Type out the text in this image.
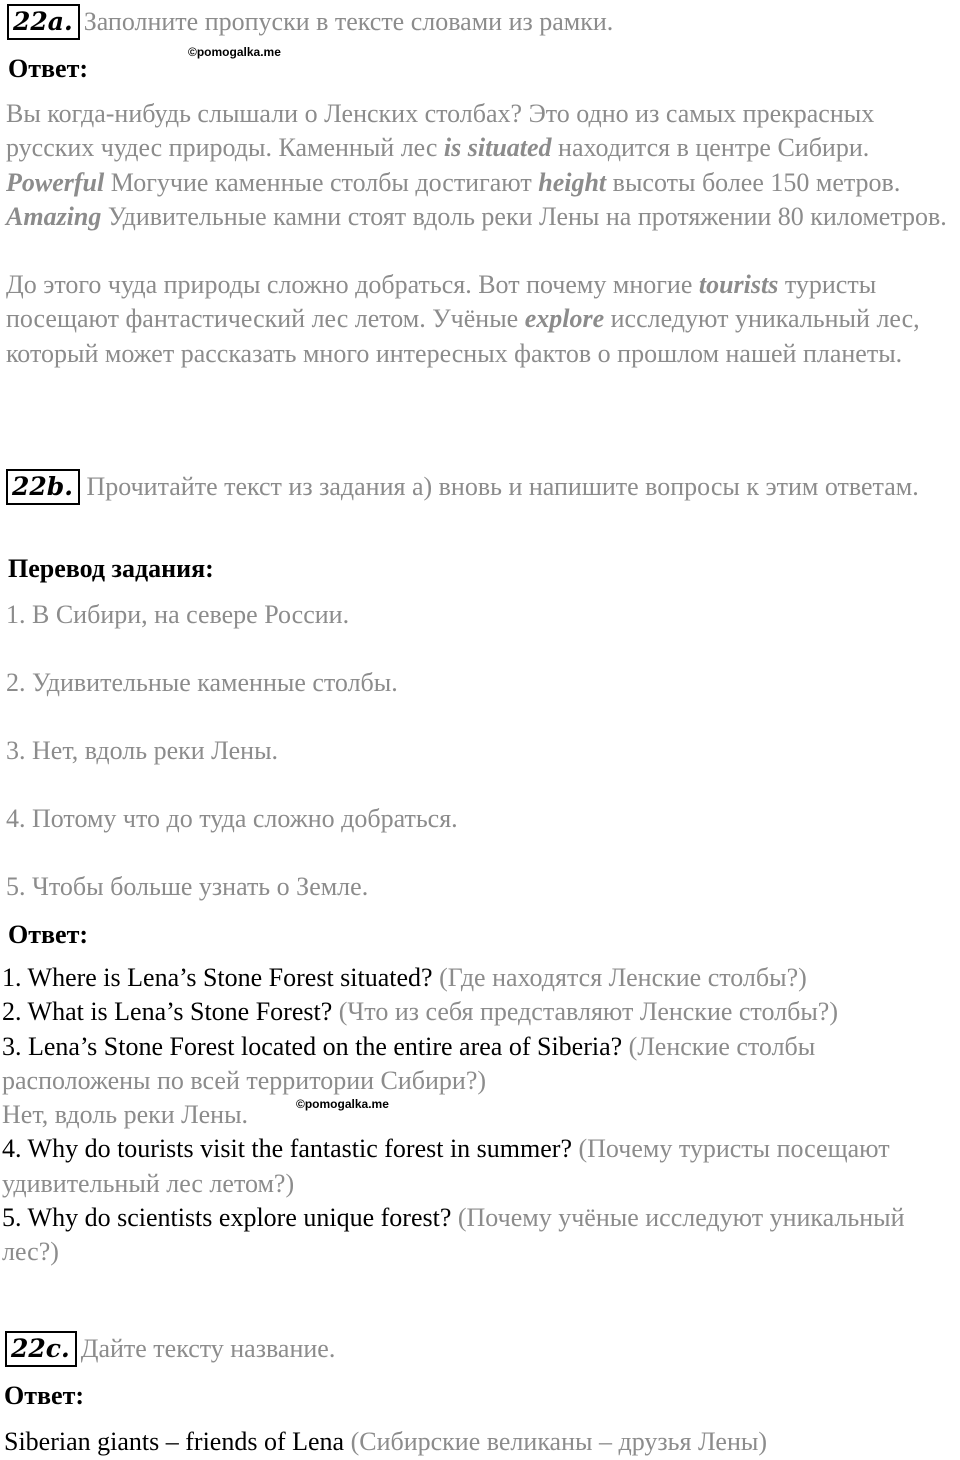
22a. Заполните пропуски в тексте словами из рамки.
©pomogalka.me
Ответ:
Вы когда-нибудь слышали о Ленских столбах? Это одно из самых прекрасных русских чудес природы. Каменный лес is situated находится в центре Сибири. Powerful Могучие каменные столбы достигают height высоты более 150 метров. Amazing Удивительные камни стоят вдоль реки Лены на протяжении 80 километров.
До этого чуда природы сложно добраться. Вот почему многие tourists туристы посещают фантастический лес летом. Учёные explore исследуют уникальный лес, который может рассказать много интересных фактов о прошлом нашей планеты.
22b. Прочитайте текст из задания а) вновь и напишите вопросы к этим ответам.
Перевод задания:
1. В Сибири, на севере России.
2. Удивительные каменные столбы.
3. Нет, вдоль реки Лены.
4. Потому что до туда сложно добраться.
5. Чтобы больше узнать о Земле.
Ответ:
1. Where is Lena’s Stone Forest situated? (Где находятся Ленские столбы?)
2. What is Lena’s Stone Forest? (Что из себя представляют Ленские столбы?)
3. Lena’s Stone Forest located on the entire area of Siberia? (Ленские столбы расположены по всей территории Сибири?)
Нет, вдоль реки Лены.
4. Why do tourists visit the fantastic forest in summer? (Почему туристы посещают удивительный лес летом?)
5. Why do scientists explore unique forest? (Почему учёные исследуют уникальный лес?)
©pomogalka.me
22c. Дайте тексту название.
Ответ:
Siberian giants – friends of Lena (Сибирские великаны – друзья Лены)
